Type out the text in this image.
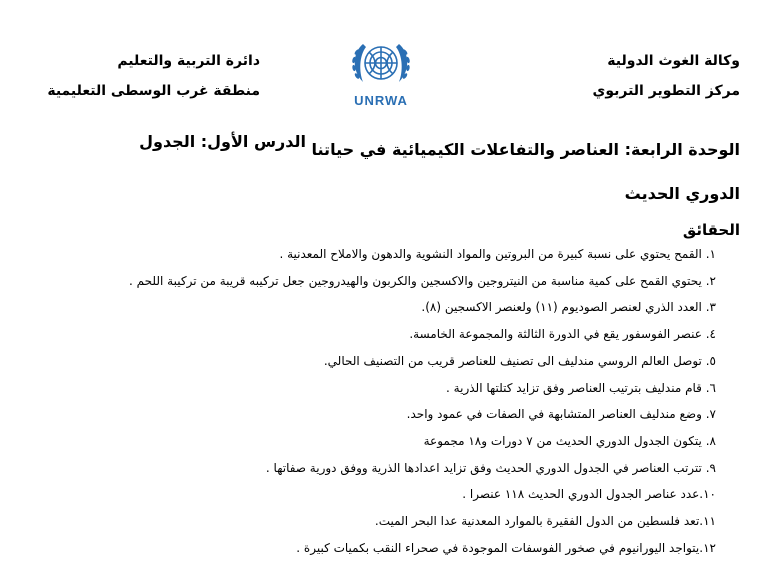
وكالة الغوث الدولية
مركز التطوير التربوي
UNRWA
دائرة التربية والتعليم
منطقة غرب الوسطى التعليمية
الوحدة الرابعة: العناصر والتفاعلات الكيميائية في حياتنا
الدوري الحديث
الدرس الأول: الجدول
الحقائق
١. القمح يحتوي على نسبة كبيرة من البروتين والمواد النشوية والدهون والاملاح المعدنية .
٢. يحتوي القمح على كمية مناسبة من النيتروجين والاكسجين والكربون والهيدروجين جعل تركيبه قريبة من تركيبة اللحم .
٣. العدد الذري لعنصر الصوديوم (١١) ولعنصر الاكسجين (٨).
٤. عنصر الفوسفور يقع في الدورة الثالثة والمجموعة الخامسة.
٥. توصل العالم الروسي مندليف الى تصنيف للعناصر قريب من التصنيف الحالي.
٦. قام مندليف بترتيب العناصر وفق تزايد كتلتها الذرية .
٧. وضع مندليف العناصر المتشابهة في الصفات في عمود واحد.
٨. يتكون الجدول الدوري الحديث من ٧ دورات و١٨ مجموعة
٩. تترتب العناصر في الجدول الدوري الحديث وفق تزايد اعدادها الذرية ووفق دورية صفاتها .
١٠.عدد عناصر الجدول الدوري الحديث ١١٨ عنصرا .
١١.تعد فلسطين من الدول الفقيرة بالموارد المعدنية عدا البحر الميت.
١٢.يتواجد اليورانيوم في صخور الفوسفات الموجودة في صحراء النقب بكميات كبيرة .
